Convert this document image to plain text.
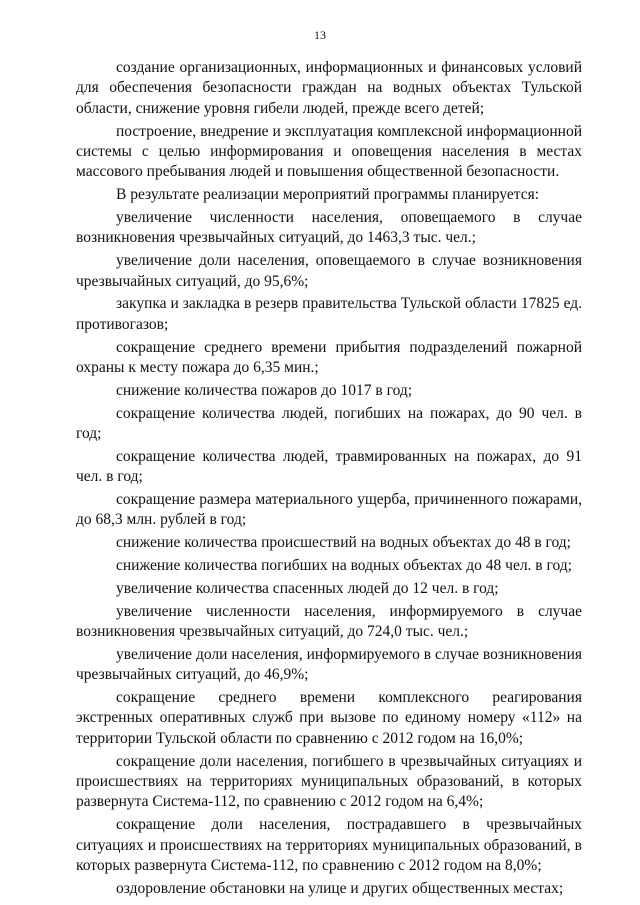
13

создание организационных, информационных и финансовых условий для обеспечения безопасности граждан на водных объектах Тульской области, снижение уровня гибели людей, прежде всего детей;

построение, внедрение и эксплуатация комплексной информационной системы с целью информирования и оповещения населения в местах массового пребывания людей и повышения общественной безопасности.

В результате реализации мероприятий программы планируется:

увеличение численности населения, оповещаемого в случае возникновения чрезвычайных ситуаций, до 1463,3 тыс. чел.;

увеличение доли населения, оповещаемого в случае возникновения чрезвычайных ситуаций, до 95,6%;

закупка и закладка в резерв правительства Тульской области 17825 ед. противогазов;

сокращение среднего времени прибытия подразделений пожарной охраны к месту пожара до 6,35 мин.;

снижение количества пожаров до 1017 в год;

сокращение количества людей, погибших на пожарах, до 90 чел. в год;

сокращение количества людей, травмированных на пожарах, до 91 чел. в год;

сокращение размера материального ущерба, причиненного пожарами, до 68,3 млн. рублей в год;

снижение количества происшествий на водных объектах до 48 в год;

снижение количества погибших на водных объектах до 48 чел. в год;

увеличение количества спасенных людей до 12 чел. в год;

увеличение численности населения, информируемого в случае возникновения чрезвычайных ситуаций, до 724,0 тыс. чел.;

увеличение доли населения, информируемого в случае возникновения чрезвычайных ситуаций, до 46,9%;

сокращение среднего времени комплексного реагирования экстренных оперативных служб при вызове по единому номеру «112» на территории Тульской области по сравнению с 2012 годом на 16,0%;

сокращение доли населения, погибшего в чрезвычайных ситуациях и происшествиях на территориях муниципальных образований, в которых развернута Система-112, по сравнению с 2012 годом на 6,4%;

сокращение доли населения, пострадавшего в чрезвычайных ситуациях и происшествиях на территориях муниципальных образований, в которых развернута Система-112, по сравнению с 2012 годом на 8,0%;

оздоровление обстановки на улице и других общественных местах;
